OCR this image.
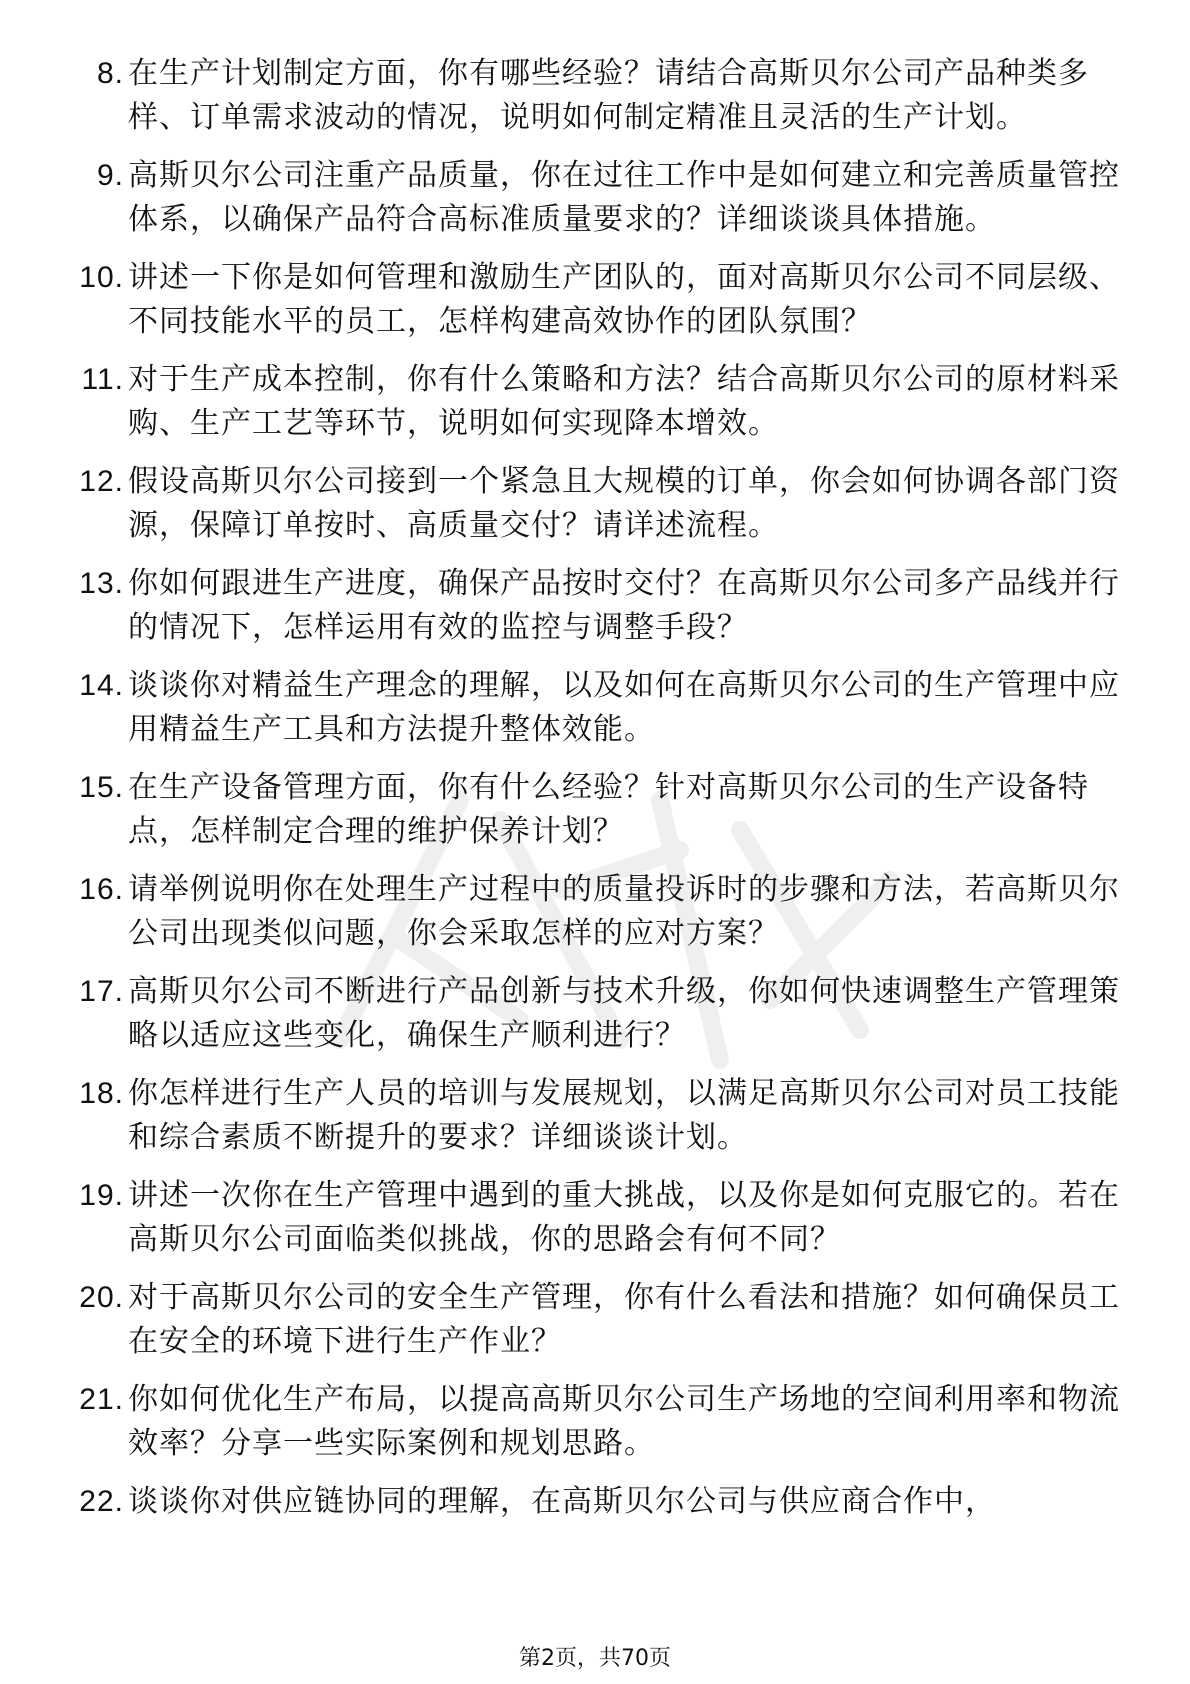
8. 在生产计划制定方面，你有哪些经验？请结合高斯贝尔公司产品种类多样、订单需求波动的情况，说明如何制定精准且灵活的生产计划。
9. 高斯贝尔公司注重产品质量，你在过往工作中是如何建立和完善质量管控体系，以确保产品符合高标准质量要求的？详细谈谈具体措施。
10. 讲述一下你是如何管理和激励生产团队的，面对高斯贝尔公司不同层级、不同技能水平的员工，怎样构建高效协作的团队氛围？
11. 对于生产成本控制，你有什么策略和方法？结合高斯贝尔公司的原材料采购、生产工艺等环节，说明如何实现降本增效。
12. 假设高斯贝尔公司接到一个紧急且大规模的订单，你会如何协调各部门资源，保障订单按时、高质量交付？请详述流程。
13. 你如何跟进生产进度，确保产品按时交付？在高斯贝尔公司多产品线并行的情况下，怎样运用有效的监控与调整手段？
14. 谈谈你对精益生产理念的理解，以及如何在高斯贝尔公司的生产管理中应用精益生产工具和方法提升整体效能。
15. 在生产设备管理方面，你有什么经验？针对高斯贝尔公司的生产设备特点，怎样制定合理的维护保养计划？
16. 请举例说明你在处理生产过程中的质量投诉时的步骤和方法，若高斯贝尔公司出现类似问题，你会采取怎样的应对方案？
17. 高斯贝尔公司不断进行产品创新与技术升级，你如何快速调整生产管理策略以适应这些变化，确保生产顺利进行？
18. 你怎样进行生产人员的培训与发展规划，以满足高斯贝尔公司对员工技能和综合素质不断提升的要求？详细谈谈计划。
19. 讲述一次你在生产管理中遇到的重大挑战，以及你是如何克服它的。若在高斯贝尔公司面临类似挑战，你的思路会有何不同？
20. 对于高斯贝尔公司的安全生产管理，你有什么看法和措施？如何确保员工在安全的环境下进行生产作业？
21. 你如何优化生产布局，以提高高斯贝尔公司生产场地的空间利用率和物流效率？分享一些实际案例和规划思路。
22. 谈谈你对供应链协同的理解，在高斯贝尔公司与供应商合作中，
第2页，共70页
